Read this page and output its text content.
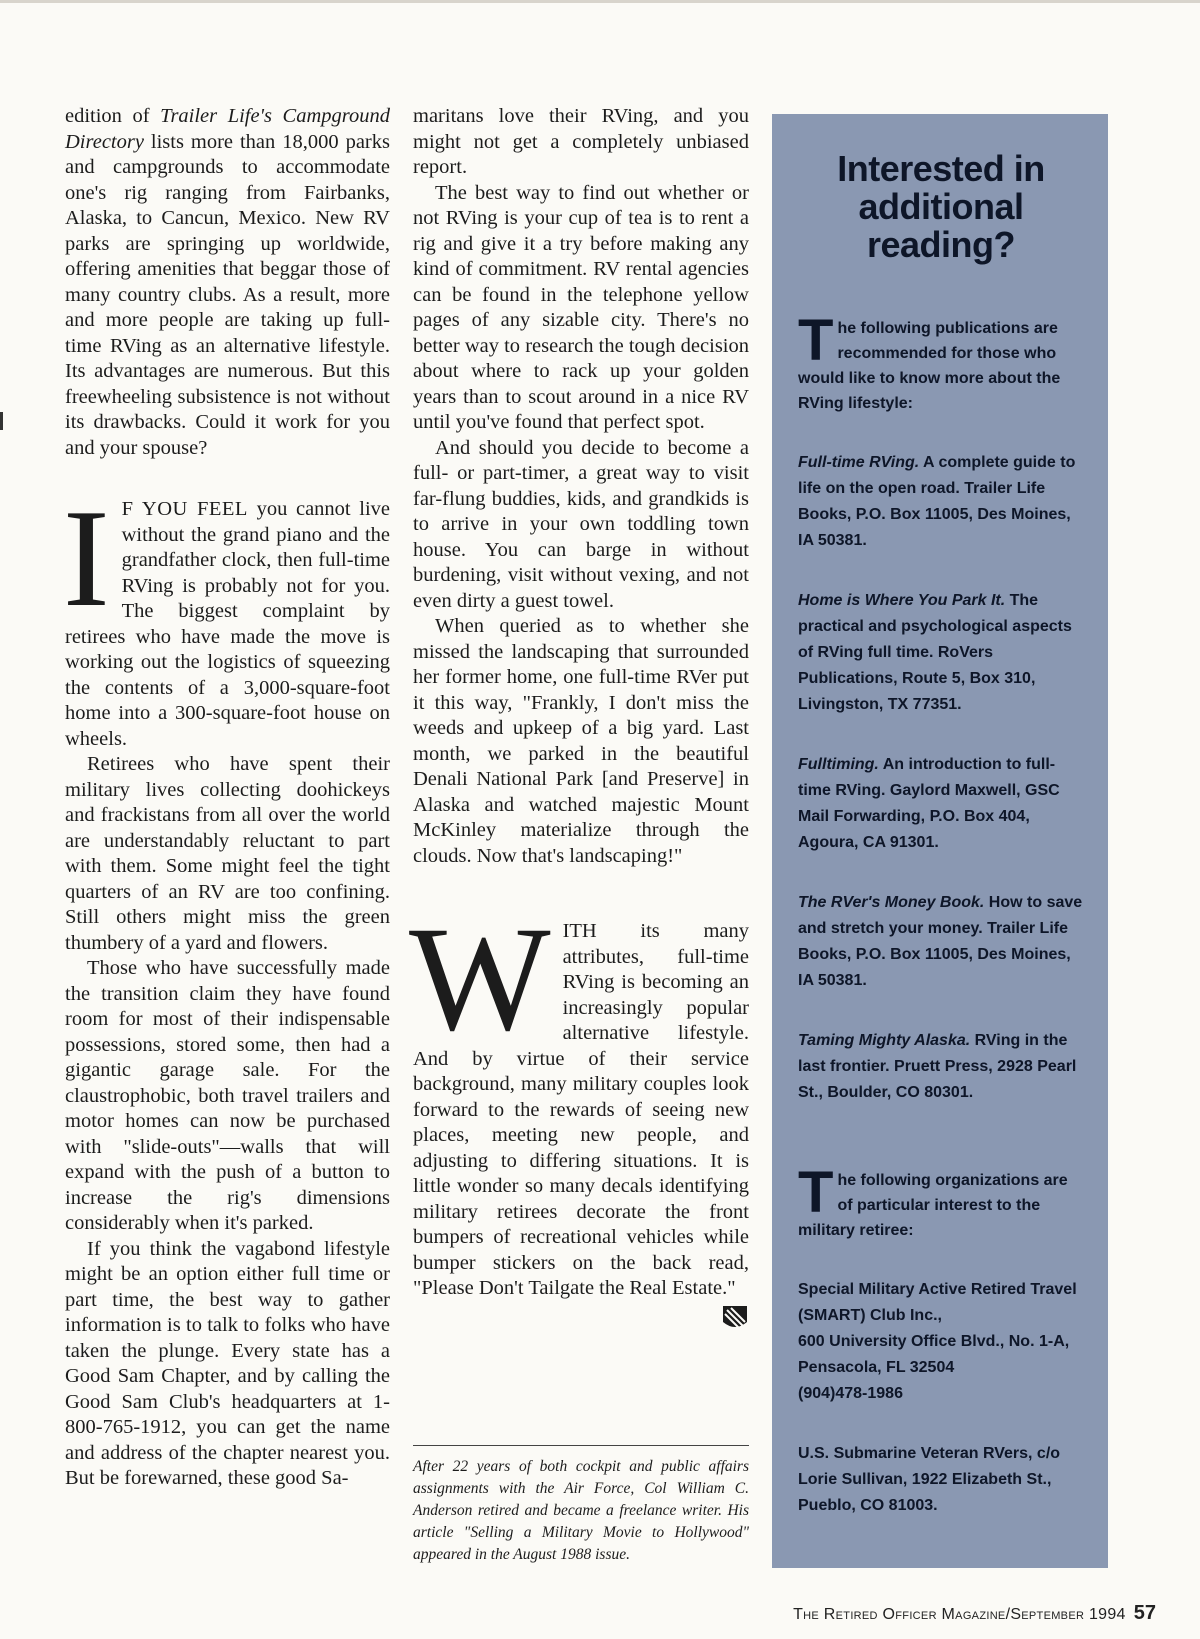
edition of Trailer Life's Campground Directory lists more than 18,000 parks and campgrounds to accommodate one's rig ranging from Fairbanks, Alaska, to Cancun, Mexico. New RV parks are springing up worldwide, offering amenities that beggar those of many country clubs. As a result, more and more people are taking up full-time RVing as an alternative lifestyle. Its advantages are numerous. But this freewheeling subsistence is not without its drawbacks. Could it work for you and your spouse?

I F YOU FEEL you cannot live without the grand piano and the grandfather clock, then full-time RVing is probably not for you. The biggest complaint by retirees who have made the move is working out the logistics of squeezing the contents of a 3,000-square-foot home into a 300-square-foot house on wheels.

Retirees who have spent their military lives collecting doohickeys and frackistans from all over the world are understandably reluctant to part with them. Some might feel the tight quarters of an RV are too confining. Still others might miss the green thumbery of a yard and flowers.

Those who have successfully made the transition claim they have found room for most of their indispensable possessions, stored some, then had a gigantic garage sale. For the claustrophobic, both travel trailers and motor homes can now be purchased with "slide-outs"—walls that will expand with the push of a button to increase the rig's dimensions considerably when it's parked.

If you think the vagabond lifestyle might be an option either full time or part time, the best way to gather information is to talk to folks who have taken the plunge. Every state has a Good Sam Chapter, and by calling the Good Sam Club's headquarters at 1-800-765-1912, you can get the name and address of the chapter nearest you. But be forewarned, these good Sa-

maritans love their RVing, and you might not get a completely unbiased report.

The best way to find out whether or not RVing is your cup of tea is to rent a rig and give it a try before making any kind of commitment. RV rental agencies can be found in the telephone yellow pages of any sizable city. There's no better way to research the tough decision about where to rack up your golden years than to scout around in a nice RV until you've found that perfect spot.

And should you decide to become a full- or part-timer, a great way to visit far-flung buddies, kids, and grandkids is to arrive in your own toddling town house. You can barge in without burdening, visit without vexing, and not even dirty a guest towel.

When queried as to whether she missed the landscaping that surrounded her former home, one full-time RVer put it this way, "Frankly, I don't miss the weeds and upkeep of a big yard. Last month, we parked in the beautiful Denali National Park [and Preserve] in Alaska and watched majestic Mount McKinley materialize through the clouds. Now that's landscaping!"

WITH its many attributes, full-time RVing is becoming an increasingly popular alternative lifestyle. And by virtue of their service background, many military couples look forward to the rewards of seeing new places, meeting new people, and adjusting to differing situations. It is little wonder so many decals identifying military retirees decorate the front bumpers of recreational vehicles while bumper stickers on the back read, "Please Don't Tailgate the Real Estate."

After 22 years of both cockpit and public affairs assignments with the Air Force, Col William C. Anderson retired and became a freelance writer. His article "Selling a Military Movie to Hollywood" appeared in the August 1988 issue.
Interested in additional reading?

The following publications are recommended for those who would like to know more about the RVing lifestyle:

Full-time RVing. A complete guide to life on the open road. Trailer Life Books, P.O. Box 11005, Des Moines, IA 50381.

Home is Where You Park It. The practical and psychological aspects of RVing full time. RoVers Publications, Route 5, Box 310, Livingston, TX 77351.

Fulltiming. An introduction to full-time RVing. Gaylord Maxwell, GSC Mail Forwarding, P.O. Box 404, Agoura, CA 91301.

The RVer's Money Book. How to save and stretch your money. Trailer Life Books, P.O. Box 11005, Des Moines, IA 50381.

Taming Mighty Alaska. RVing in the last frontier. Pruett Press, 2928 Pearl St., Boulder, CO 80301.

The following organizations are of particular interest to the military retiree:

Special Military Active Retired Travel (SMART) Club Inc.,
600 University Office Blvd., No. 1-A, Pensacola, FL 32504
(904)478-1986

U.S. Submarine Veteran RVers, c/o Lorie Sullivan, 1922 Elizabeth St., Pueblo, CO 81003.

The Retired Officer Magazine/September 1994 57
